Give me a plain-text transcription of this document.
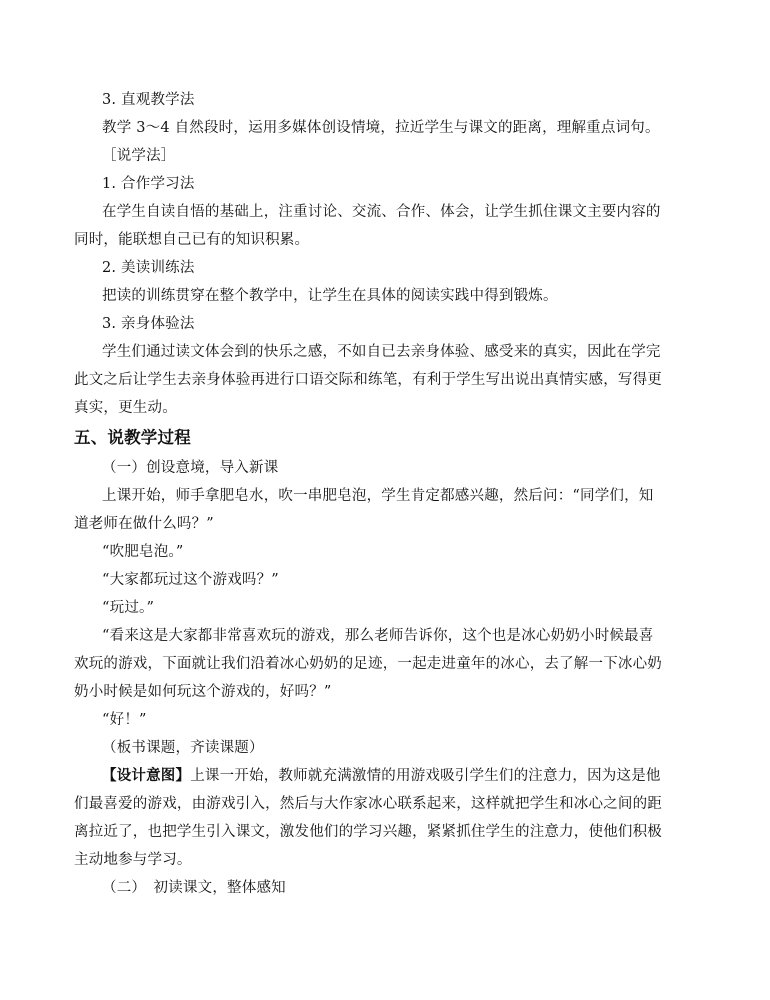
3. 直观教学法
教学 3～4 自然段时，运用多媒体创设情境，拉近学生与课文的距离，理解重点词句。
［说学法］
1. 合作学习法
在学生自读自悟的基础上，注重讨论、交流、合作、体会，让学生抓住课文主要内容的
同时，能联想自己已有的知识积累。
2. 美读训练法
把读的训练贯穿在整个教学中，让学生在具体的阅读实践中得到锻炼。
3. 亲身体验法
学生们通过读文体会到的快乐之感，不如自已去亲身体验、感受来的真实，因此在学完
此文之后让学生去亲身体验再进行口语交际和练笔，有利于学生写出说出真情实感，写得更
真实，更生动。
五、说教学过程
（一）创设意境，导入新课
上课开始，师手拿肥皂水，吹一串肥皂泡，学生肯定都感兴趣，然后问：“同学们，知
道老师在做什么吗？”
“吹肥皂泡。”
“大家都玩过这个游戏吗？”
“玩过。”
“看来这是大家都非常喜欢玩的游戏，那么老师告诉你，这个也是冰心奶奶小时候最喜
欢玩的游戏，下面就让我们沿着冰心奶奶的足迹，一起走进童年的冰心，去了解一下冰心奶
奶小时候是如何玩这个游戏的，好吗？”
“好！”
（板书课题，齐读课题）
【设计意图】上课一开始，教师就充满激情的用游戏吸引学生们的注意力，因为这是他
们最喜爱的游戏，由游戏引入，然后与大作家冰心联系起来，这样就把学生和冰心之间的距
离拉近了，也把学生引入课文，激发他们的学习兴趣，紧紧抓住学生的注意力，使他们积极
主动地参与学习。
（二）　初读课文，整体感知
